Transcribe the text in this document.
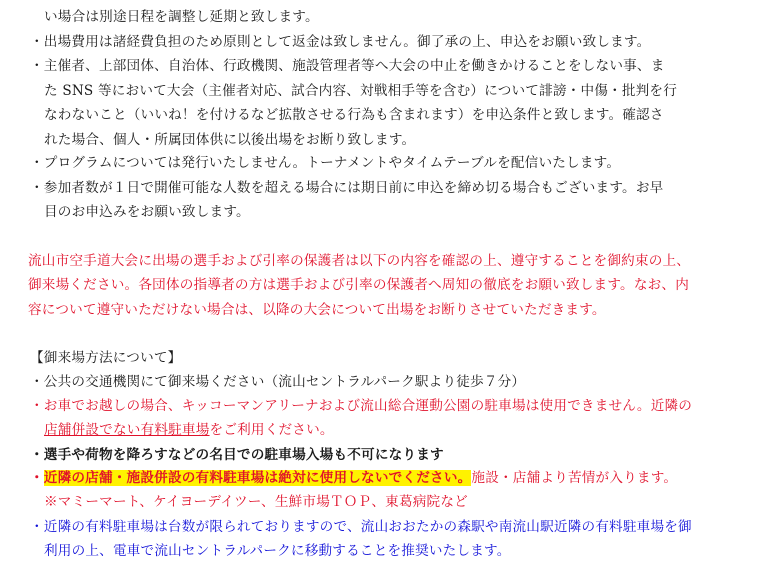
い場合は別途日程を調整し延期と致します。
・出場費用は諸経費負担のため原則として返金は致しません。御了承の上、申込をお願い致します。
・主催者、上部団体、自治体、行政機関、施設管理者等へ大会の中止を働きかけることをしない事、ま
た SNS 等において大会（主催者対応、試合内容、対戦相手等を含む）について誹謗・中傷・批判を行
なわないこと（いいね！を付けるなど拡散させる行為も含まれます）を申込条件と致します。確認さ
れた場合、個人・所属団体供に以後出場をお断り致します。
・プログラムについては発行いたしません。トーナメントやタイムテーブルを配信いたします。
・参加者数が１日で開催可能な人数を超える場合には期日前に申込を締め切る場合もございます。お早
目のお申込みをお願い致します。
流山市空手道大会に出場の選手および引率の保護者は以下の内容を確認の上、遵守することを御約束の上、
御来場ください。各団体の指導者の方は選手および引率の保護者へ周知の徹底をお願い致します。なお、内
容について遵守いただけない場合は、以降の大会について出場をお断りさせていただきます。
【御来場方法について】
・公共の交通機関にて御来場ください（流山セントラルパーク駅より徒歩７分）
・お車でお越しの場合、キッコーマンアリーナおよび流山総合運動公園の駐車場は使用できません。近隣の
店舗併設でない有料駐車場をご利用ください。
・選手や荷物を降ろすなどの名目での駐車場入場も不可になります
・近隣の店舗・施設併設の有料駐車場は絶対に使用しないでください。施設・店舗より苦情が入ります。
※マミーマート、ケイヨーデイツー、生鮮市場ＴＯＰ、東葛病院など
・近隣の有料駐車場は台数が限られておりますので、流山おおたかの森駅や南流山駅近隣の有料駐車場を御
利用の上、電車で流山セントラルパークに移動することを推奨いたします。
